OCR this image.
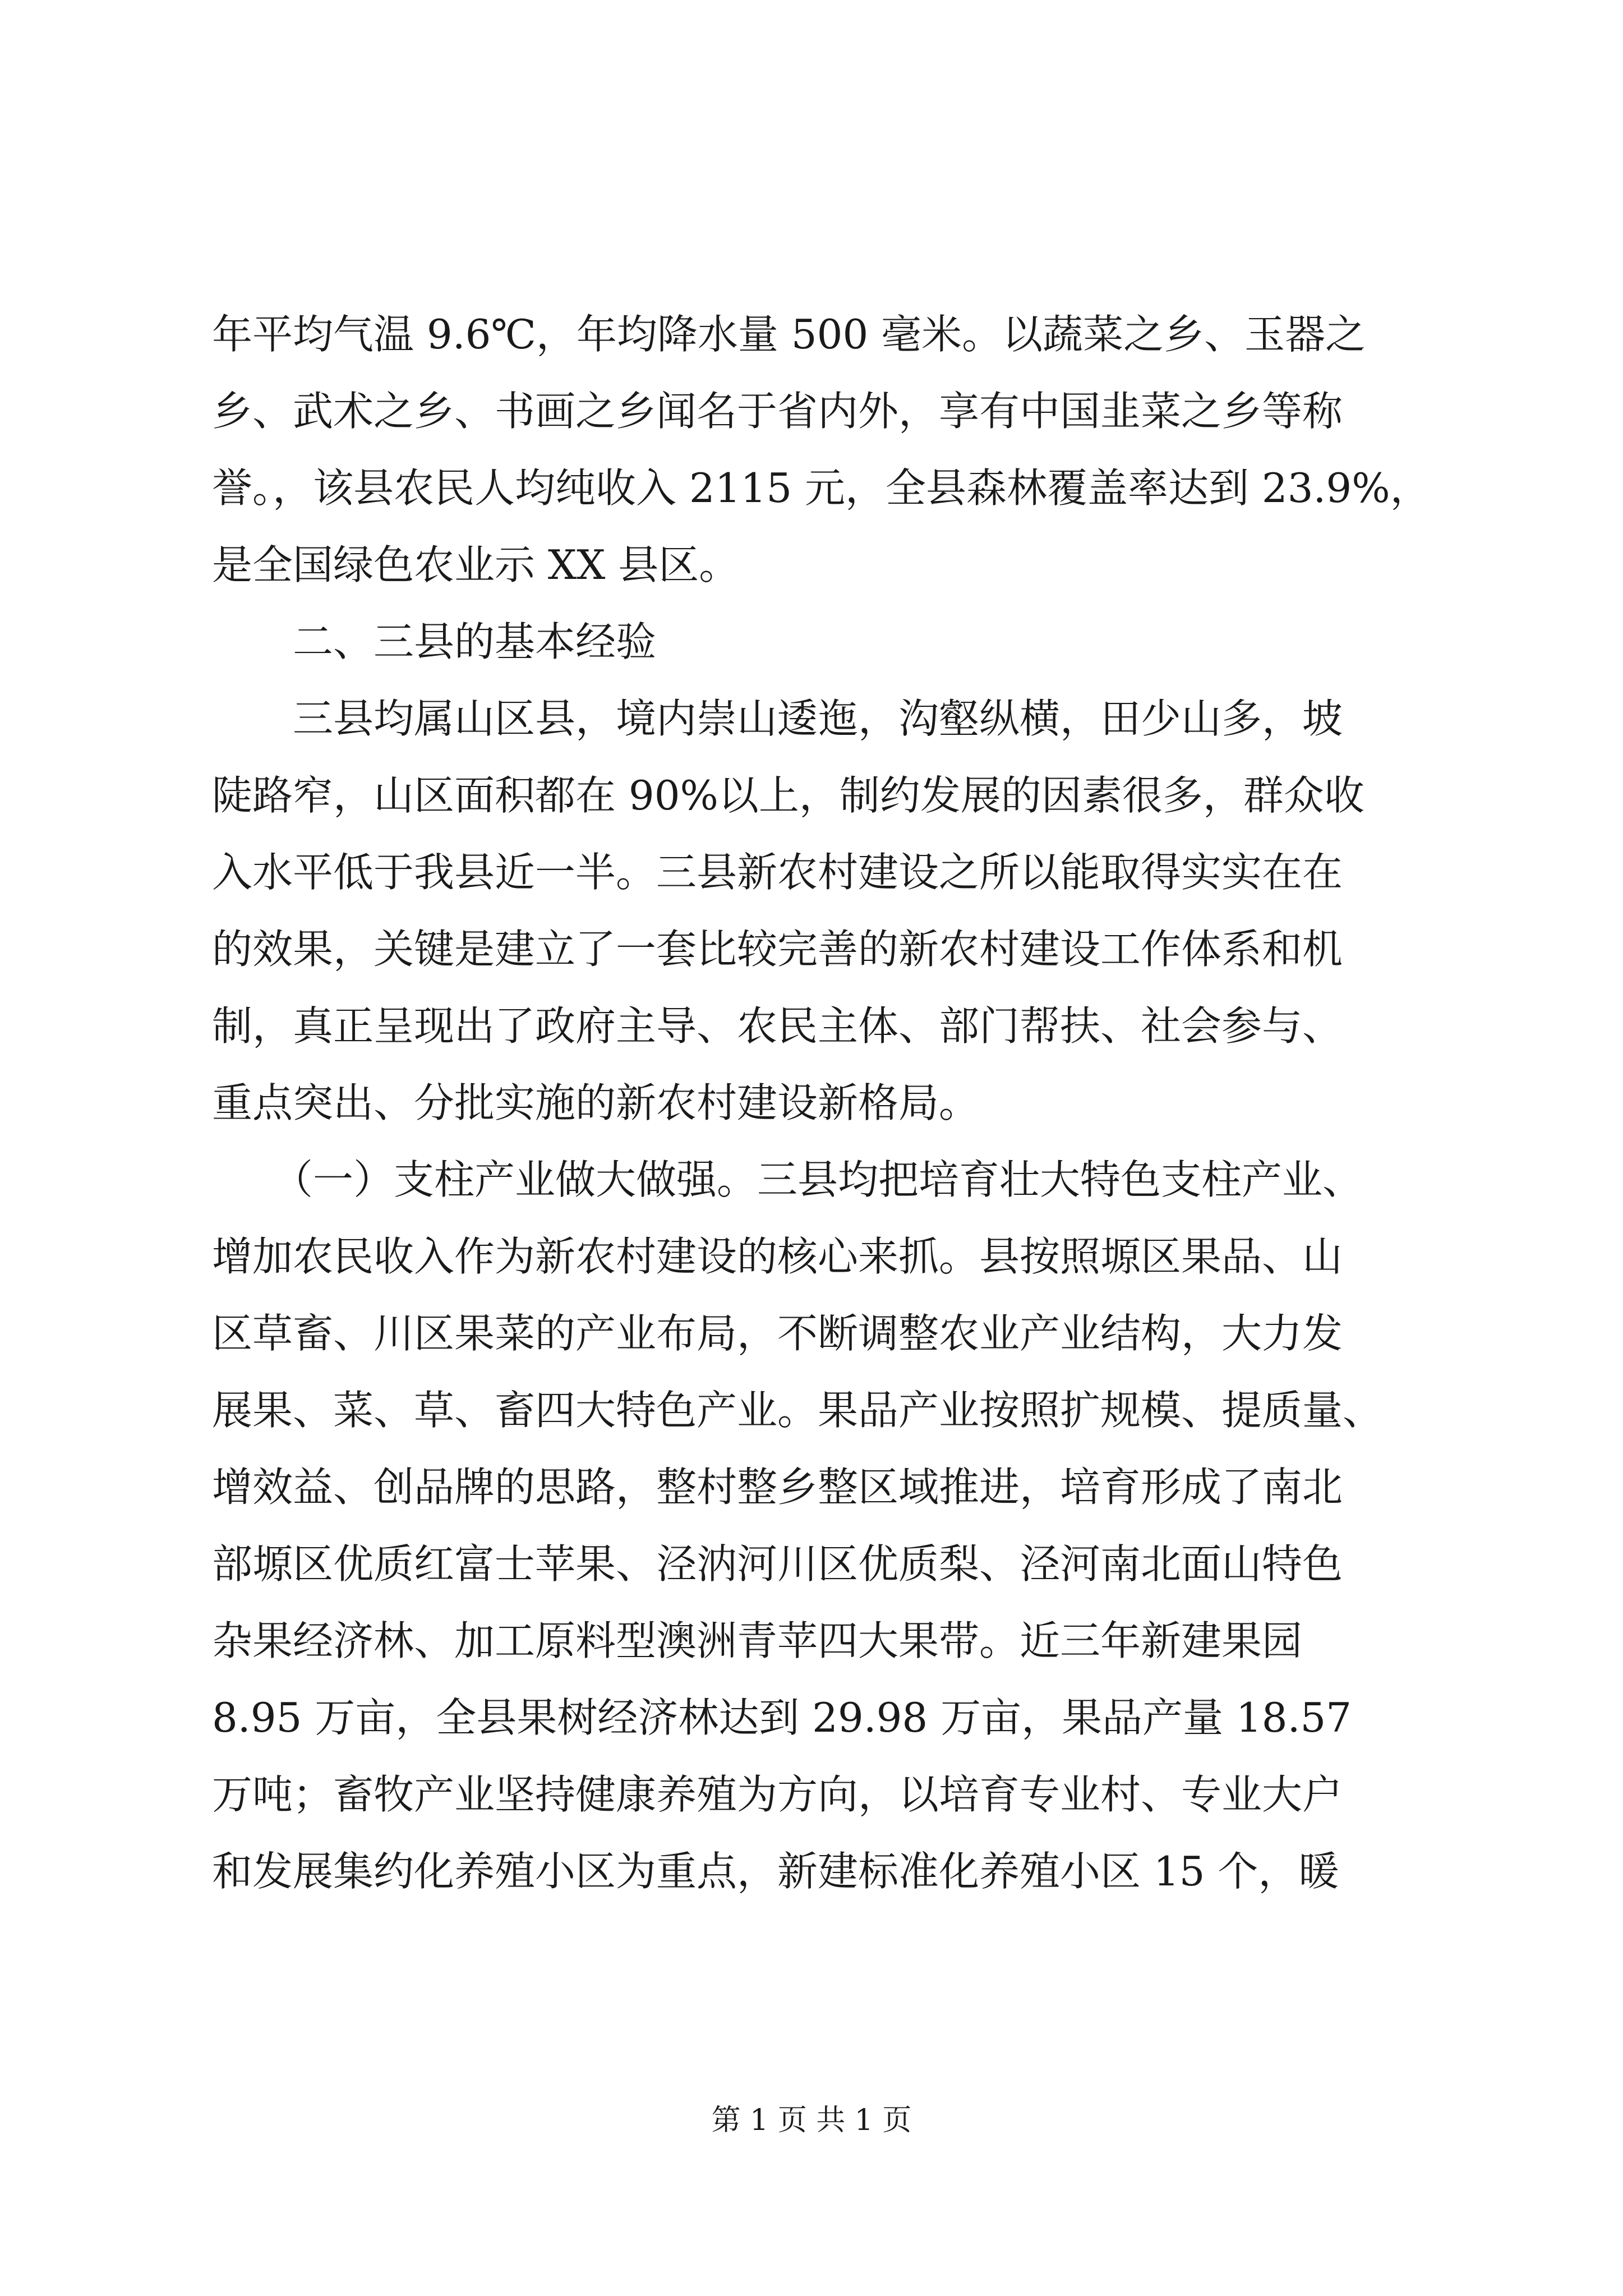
年平均气温 9.6℃，年均降水量 500 毫米。以蔬菜之乡、玉器之
乡、武术之乡、书画之乡闻名于省内外，享有中国韭菜之乡等称
誉。，该县农民人均纯收入 2115 元，全县森林覆盖率达到 23.9%，
是全国绿色农业示 XX 县区。
　　二、三县的基本经验
　　三县均属山区县，境内崇山逶迤，沟壑纵横，田少山多，坡
陡路窄，山区面积都在 90%以上，制约发展的因素很多，群众收
入水平低于我县近一半。三县新农村建设之所以能取得实实在在
的效果，关键是建立了一套比较完善的新农村建设工作体系和机
制，真正呈现出了政府主导、农民主体、部门帮扶、社会参与、
重点突出、分批实施的新农村建设新格局。
　　（一）支柱产业做大做强。三县均把培育壮大特色支柱产业、
增加农民收入作为新农村建设的核心来抓。县按照塬区果品、山
区草畜、川区果菜的产业布局，不断调整农业产业结构，大力发
展果、菜、草、畜四大特色产业。果品产业按照扩规模、提质量、
增效益、创品牌的思路，整村整乡整区域推进，培育形成了南北
部塬区优质红富士苹果、泾汭河川区优质梨、泾河南北面山特色
杂果经济林、加工原料型澳洲青苹四大果带。近三年新建果园
8.95 万亩，全县果树经济林达到 29.98 万亩，果品产量 18.57
万吨；畜牧产业坚持健康养殖为方向，以培育专业村、专业大户
和发展集约化养殖小区为重点，新建标准化养殖小区 15 个，暖
第 1 页 共 1 页
